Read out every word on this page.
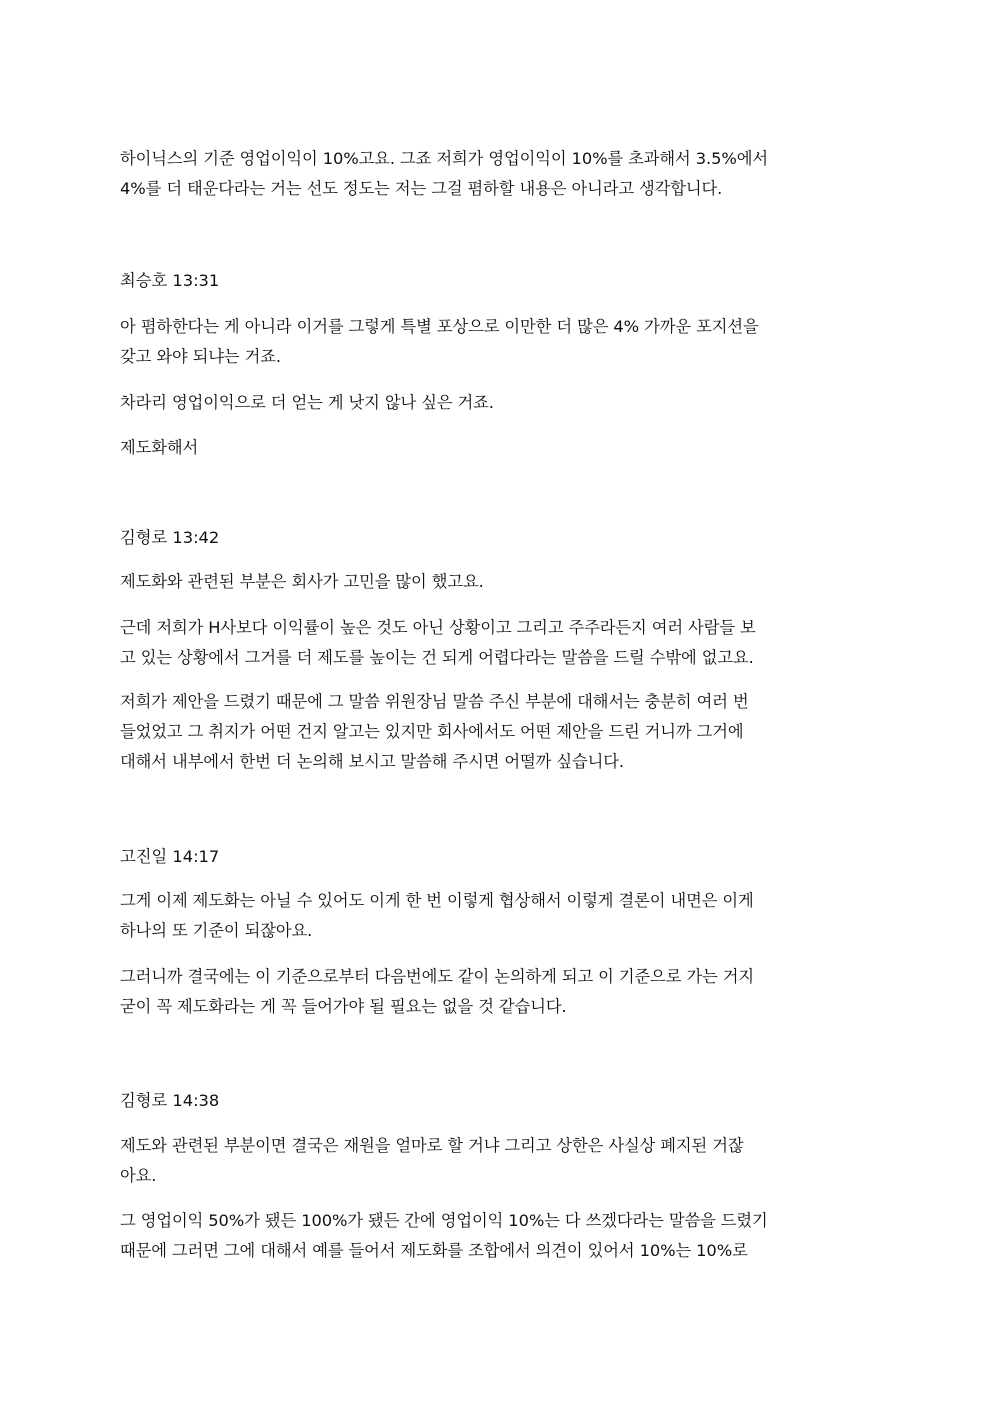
하이닉스의 기준 영업이익이 10%고요. 그죠 저희가 영업이익이 10%를 초과해서 3.5%에서
4%를 더 태운다라는 거는 선도 정도는 저는 그걸 폄하할 내용은 아니라고 생각합니다.

최승호 13:31

아 폄하한다는 게 아니라 이거를 그렇게 특별 포상으로 이만한 더 많은 4% 가까운 포지션을
갖고 와야 되냐는 거죠.

차라리 영업이익으로 더 얻는 게 낫지 않나 싶은 거죠.

제도화해서

김형로 13:42

제도화와 관련된 부분은 회사가 고민을 많이 했고요.

근데 저희가 H사보다 이익률이 높은 것도 아닌 상황이고 그리고 주주라든지 여러 사람들 보
고 있는 상황에서 그거를 더 제도를 높이는 건 되게 어렵다라는 말씀을 드릴 수밖에 없고요.

저희가 제안을 드렸기 때문에 그 말씀 위원장님 말씀 주신 부분에 대해서는 충분히 여러 번
들었었고 그 취지가 어떤 건지 알고는 있지만 회사에서도 어떤 제안을 드린 거니까 그거에
대해서 내부에서 한번 더 논의해 보시고 말씀해 주시면 어떨까 싶습니다.

고진일 14:17

그게 이제 제도화는 아닐 수 있어도 이게 한 번 이렇게 협상해서 이렇게 결론이 내면은 이게
하나의 또 기준이 되잖아요.

그러니까 결국에는 이 기준으로부터 다음번에도 같이 논의하게 되고 이 기준으로 가는 거지
굳이 꼭 제도화라는 게 꼭 들어가야 될 필요는 없을 것 같습니다.

김형로 14:38

제도와 관련된 부분이면 결국은 재원을 얼마로 할 거냐 그리고 상한은 사실상 폐지된 거잖
아요.

그 영업이익 50%가 됐든 100%가 됐든 간에 영업이익 10%는 다 쓰겠다라는 말씀을 드렸기
때문에 그러면 그에 대해서 예를 들어서 제도화를 조합에서 의견이 있어서 10%는 10%로
